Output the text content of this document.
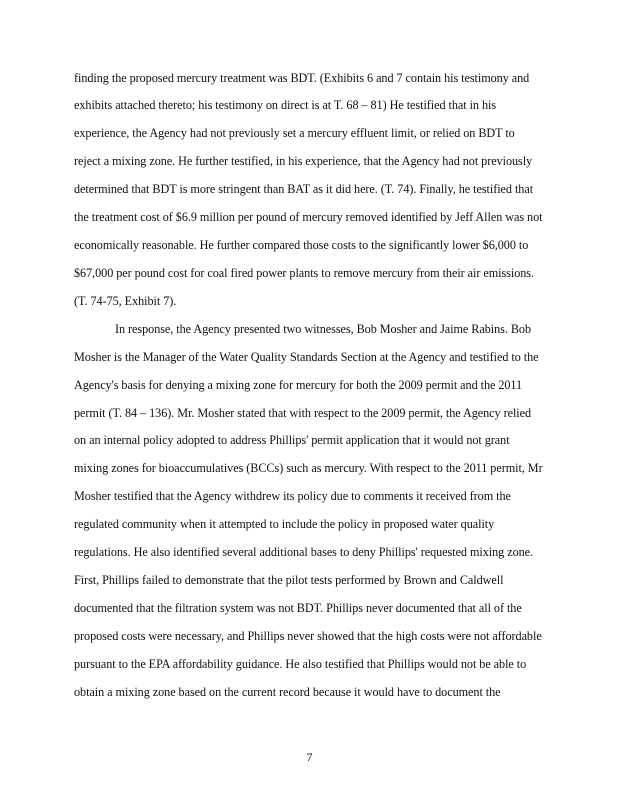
finding the proposed mercury treatment was BDT. (Exhibits 6 and 7 contain his testimony and
exhibits attached thereto; his testimony on direct is at T. 68 – 81) He testified that in his
experience, the Agency had not previously set a mercury effluent limit, or relied on BDT to
reject a mixing zone. He further testified, in his experience, that the Agency had not previously
determined that BDT is more stringent than BAT as it did here. (T. 74). Finally, he testified that
the treatment cost of $6.9 million per pound of mercury removed identified by Jeff Allen was not
economically reasonable. He further compared those costs to the significantly lower $6,000 to
$67,000 per pound cost for coal fired power plants to remove mercury from their air emissions.
(T. 74-75, Exhibit 7).
In response, the Agency presented two witnesses, Bob Mosher and Jaime Rabins. Bob
Mosher is the Manager of the Water Quality Standards Section at the Agency and testified to the
Agency's basis for denying a mixing zone for mercury for both the 2009 permit and the 2011
permit (T. 84 – 136). Mr. Mosher stated that with respect to the 2009 permit, the Agency relied
on an internal policy adopted to address Phillips' permit application that it would not grant
mixing zones for bioaccumulatives (BCCs) such as mercury. With respect to the 2011 permit, Mr
Mosher testified that the Agency withdrew its policy due to comments it received from the
regulated community when it attempted to include the policy in proposed water quality
regulations. He also identified several additional bases to deny Phillips' requested mixing zone.
First, Phillips failed to demonstrate that the pilot tests performed by Brown and Caldwell
documented that the filtration system was not BDT. Phillips never documented that all of the
proposed costs were necessary, and Phillips never showed that the high costs were not affordable
pursuant to the EPA affordability guidance. He also testified that Phillips would not be able to
obtain a mixing zone based on the current record because it would have to document the
7
